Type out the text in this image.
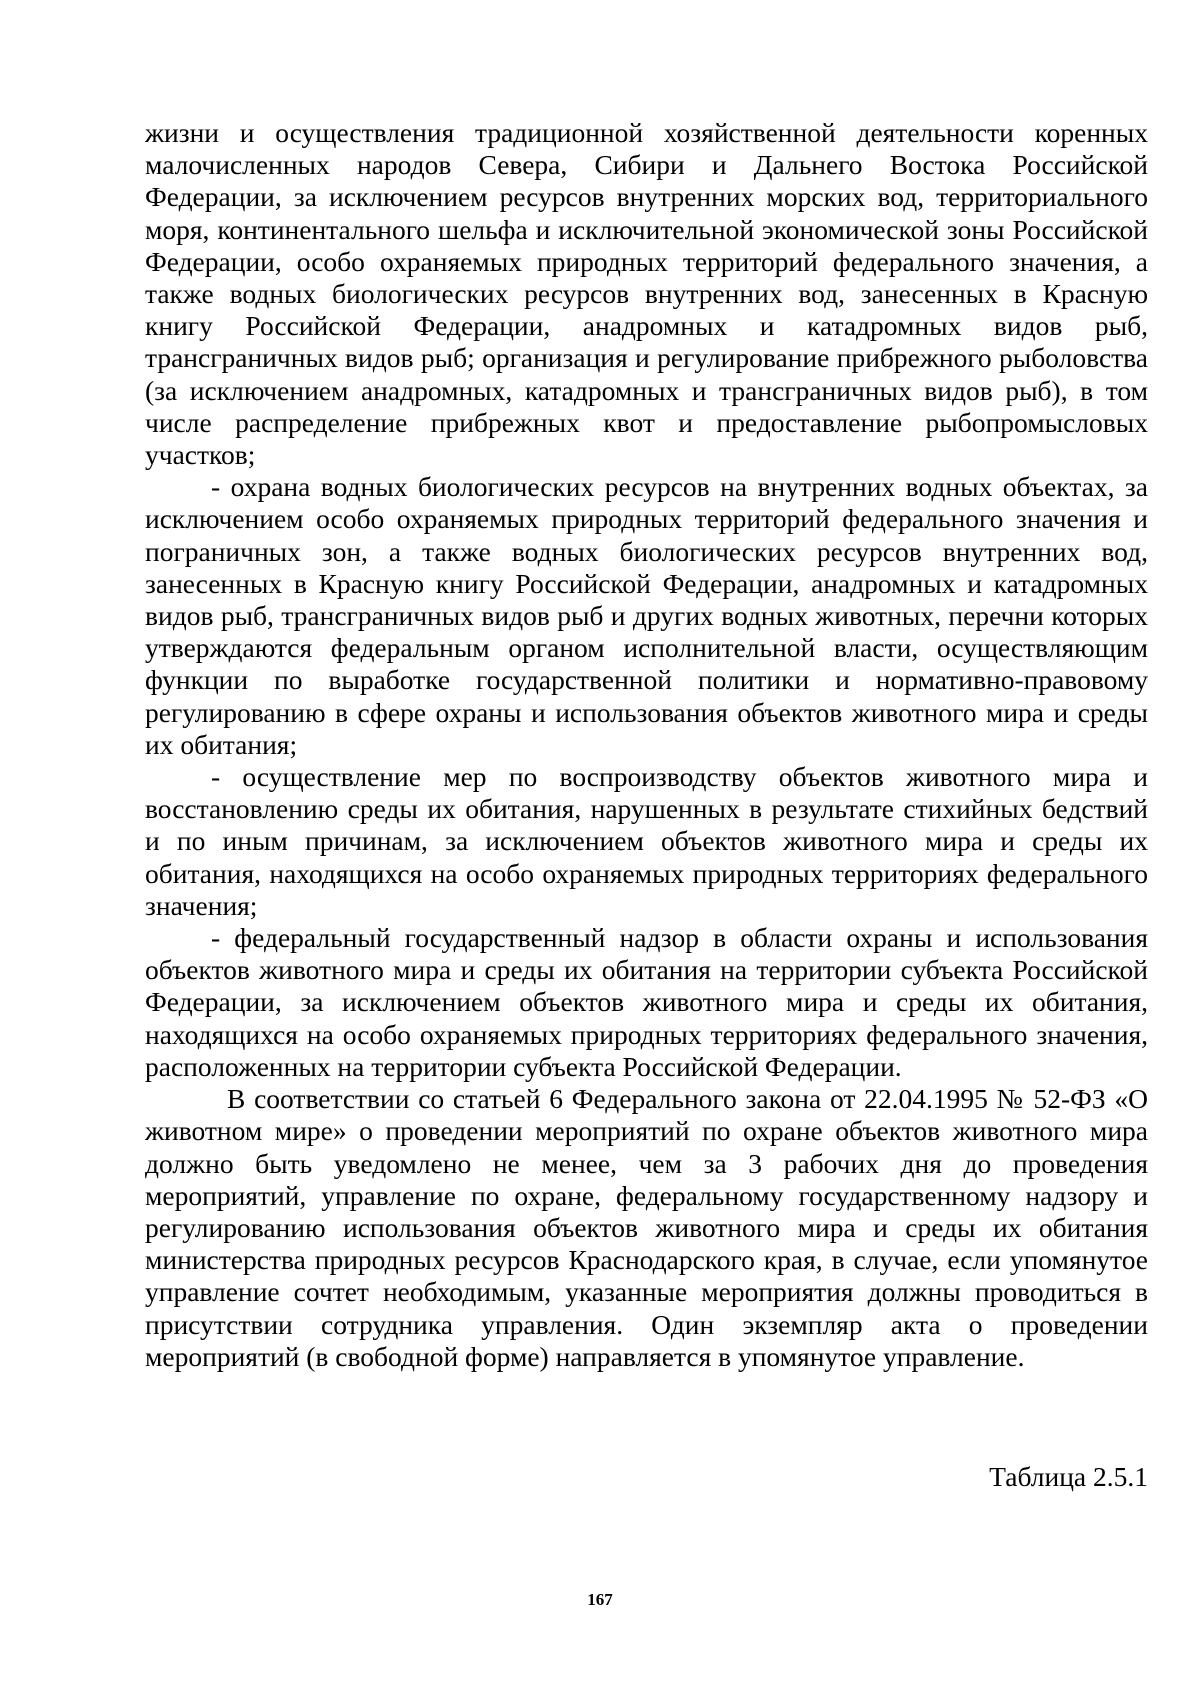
жизни и осуществления традиционной хозяйственной деятельности коренных малочисленных народов Севера, Сибири и Дальнего Востока Российской Федерации, за исключением ресурсов внутренних морских вод, территориального моря, континентального шельфа и исключительной экономической зоны Российской Федерации, особо охраняемых природных территорий федерального значения, а также водных биологических ресурсов внутренних вод, занесенных в Красную книгу Российской Федерации, анадромных и катадромных видов рыб, трансграничных видов рыб; организация и регулирование прибрежного рыболовства (за исключением анадромных, катадромных и трансграничных видов рыб), в том числе распределение прибрежных квот и предоставление рыбопромысловых участков;

- охрана водных биологических ресурсов на внутренних водных объектах, за исключением особо охраняемых природных территорий федерального значения и пограничных зон, а также водных биологических ресурсов внутренних вод, занесенных в Красную книгу Российской Федерации, анадромных и катадромных видов рыб, трансграничных видов рыб и других водных животных, перечни которых утверждаются федеральным органом исполнительной власти, осуществляющим функции по выработке государственной политики и нормативно-правовому регулированию в сфере охраны и использования объектов животного мира и среды их обитания;

- осуществление мер по воспроизводству объектов животного мира и восстановлению среды их обитания, нарушенных в результате стихийных бедствий и по иным причинам, за исключением объектов животного мира и среды их обитания, находящихся на особо охраняемых природных территориях федерального значения;

- федеральный государственный надзор в области охраны и использования объектов животного мира и среды их обитания на территории субъекта Российской Федерации, за исключением объектов животного мира и среды их обитания, находящихся на особо охраняемых природных территориях федерального значения, расположенных на территории субъекта Российской Федерации.

В соответствии со статьей 6 Федерального закона от 22.04.1995 № 52-ФЗ «О животном мире» о проведении мероприятий по охране объектов животного мира должно быть уведомлено не менее, чем за 3 рабочих дня до проведения мероприятий, управление по охране, федеральному государственному надзору и регулированию использования объектов животного мира и среды их обитания министерства природных ресурсов Краснодарского края, в случае, если упомянутое управление сочтет необходимым, указанные мероприятия должны проводиться в присутствии сотрудника управления. Один экземпляр акта о проведении мероприятий (в свободной форме) направляется в упомянутое управление.

Таблица 2.5.1
167
